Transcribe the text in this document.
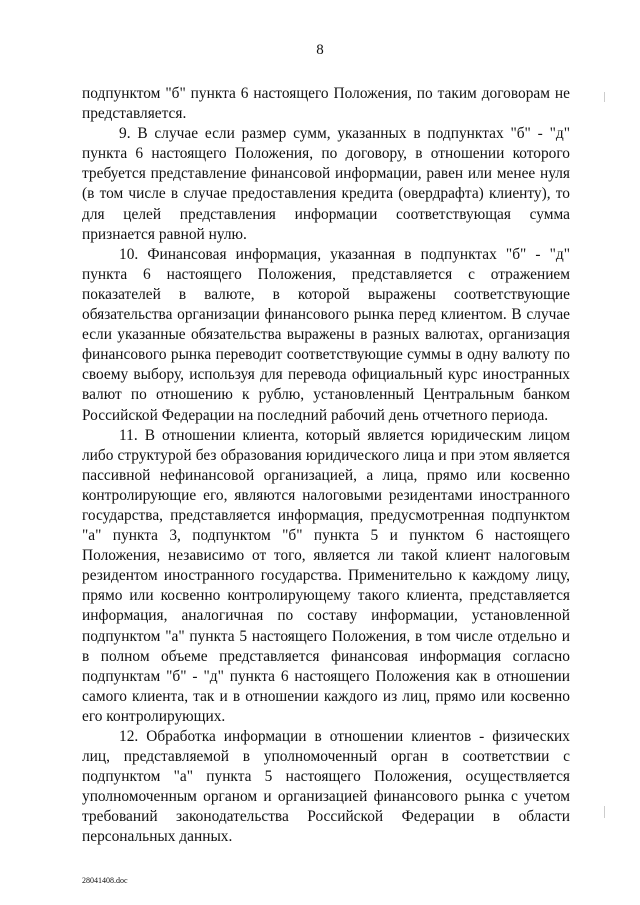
8

подпунктом "б" пункта 6 настоящего Положения, по таким договорам не представляется.

9. В случае если размер сумм, указанных в подпунктах "б" - "д" пункта 6 настоящего Положения, по договору, в отношении которого требуется представление финансовой информации, равен или менее нуля (в том числе в случае предоставления кредита (овердрафта) клиенту), то для целей представления информации соответствующая сумма признается равной нулю.

10. Финансовая информация, указанная в подпунктах "б" - "д" пункта 6 настоящего Положения, представляется с отражением показателей в валюте, в которой выражены соответствующие обязательства организации финансового рынка перед клиентом. В случае если указанные обязательства выражены в разных валютах, организация финансового рынка переводит соответствующие суммы в одну валюту по своему выбору, используя для перевода официальный курс иностранных валют по отношению к рублю, установленный Центральным банком Российской Федерации на последний рабочий день отчетного периода.

11. В отношении клиента, который является юридическим лицом либо структурой без образования юридического лица и при этом является пассивной нефинансовой организацией, а лица, прямо или косвенно контролирующие его, являются налоговыми резидентами иностранного государства, представляется информация, предусмотренная подпунктом "а" пункта 3, подпунктом "б" пункта 5 и пунктом 6 настоящего Положения, независимо от того, является ли такой клиент налоговым резидентом иностранного государства. Применительно к каждому лицу, прямо или косвенно контролирующему такого клиента, представляется информация, аналогичная по составу информации, установленной подпунктом "а" пункта 5 настоящего Положения, в том числе отдельно и в полном объеме представляется финансовая информация согласно подпунктам "б" - "д" пункта 6 настоящего Положения как в отношении самого клиента, так и в отношении каждого из лиц, прямо или косвенно его контролирующих.

12. Обработка информации в отношении клиентов - физических лиц, представляемой в уполномоченный орган в соответствии с подпунктом "а" пункта 5 настоящего Положения, осуществляется уполномоченным органом и организацией финансового рынка с учетом требований законодательства Российской Федерации в области персональных данных.

28041408.doc
